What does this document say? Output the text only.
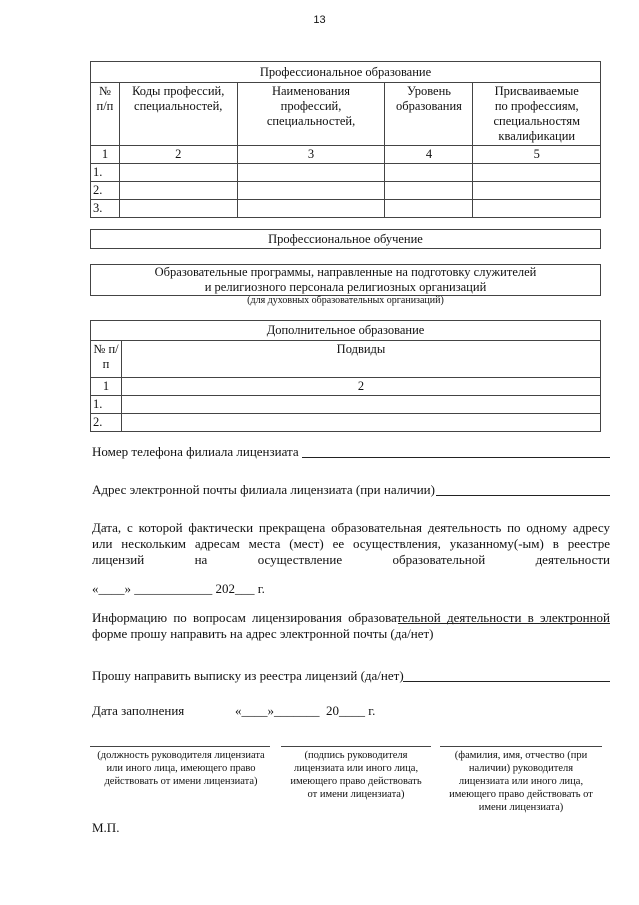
13
Профессиональное образование				
№ п/п	Коды профессий, специальностей,	Наименования профессий, специальностей,	Уровень образования	Присваиваемые по профессиям, специальностям квалификации
1	2	3	4	5
1.				
2.				
3.				
Профессиональное обучение
Образовательные программы, направленные на подготовку служителей
и религиозного персонала религиозных организаций
(для духовных образовательных организаций)
Дополнительное образование	
№ п/п	Подвиды
1	2
1.	
2.	
Номер телефона филиала лицензиата
Адрес электронной почты филиала лицензиата (при наличии)
Дата, с которой фактически прекращена образовательная деятельность по одному адресу или нескольким адресам места (мест) ее осуществления, указанному(-ым) в реестре лицензий на осуществление образовательной деятельности
«____» ____________ 202___ г.
Информацию по вопросам лицензирования образовательной деятельности в электронной форме прошу направить на адрес электронной почты (да/нет)
Прошу направить выписку из реестра лицензий (да/нет)
Дата заполнения	«____»_______  20____ г.
(должность руководителя лицензиата или иного лица, имеющего право действовать от имени лицензиата)
(подпись руководителя лицензиата или иного лица, имеющего право действовать от имени лицензиата)
(фамилия, имя, отчество (при наличии) руководителя лицензиата или иного лица, имеющего право действовать от имени лицензиата)
М.П.
